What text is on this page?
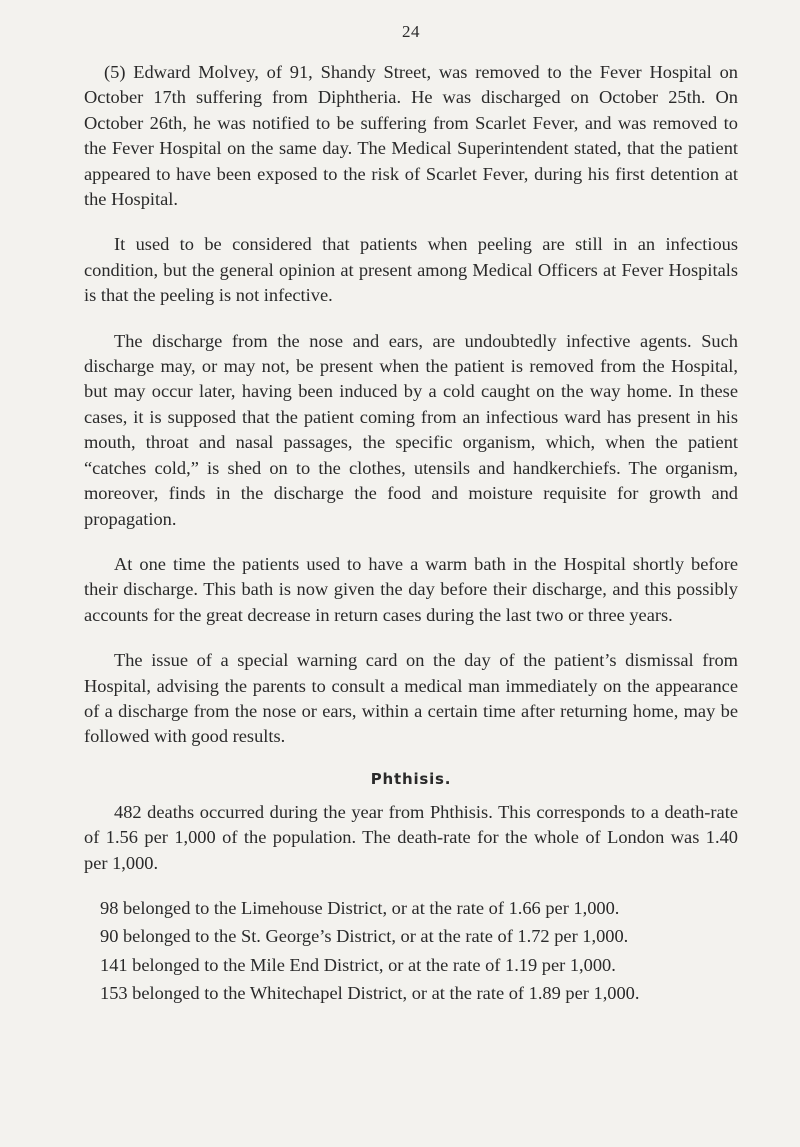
24

(5) Edward Molvey, of 91, Shandy Street, was removed to the Fever Hospital on October 17th suffering from Diphtheria. He was discharged on October 25th. On October 26th, he was notified to be suffering from Scarlet Fever, and was removed to the Fever Hospital on the same day. The Medical Superintendent stated, that the patient appeared to have been exposed to the risk of Scarlet Fever, during his first detention at the Hospital.

It used to be considered that patients when peeling are still in an infectious condition, but the general opinion at present among Medical Officers at Fever Hospitals is that the peeling is not infective.

The discharge from the nose and ears, are undoubtedly infective agents. Such discharge may, or may not, be present when the patient is removed from the Hospital, but may occur later, having been induced by a cold caught on the way home. In these cases, it is supposed that the patient coming from an infectious ward has present in his mouth, throat and nasal passages, the specific organism, which, when the patient “catches cold,” is shed on to the clothes, utensils and handkerchiefs. The organism, moreover, finds in the discharge the food and moisture requisite for growth and propagation.

At one time the patients used to have a warm bath in the Hospital shortly before their discharge. This bath is now given the day before their discharge, and this possibly accounts for the great decrease in return cases during the last two or three years.

The issue of a special warning card on the day of the patient’s dismissal from Hospital, advising the parents to consult a medical man immediately on the appearance of a discharge from the nose or ears, within a certain time after returning home, may be followed with good results.

Phthisis.

482 deaths occurred during the year from Phthisis. This corresponds to a death-rate of 1.56 per 1,000 of the population. The death-rate for the whole of London was 1.40 per 1,000.

98 belonged to the Limehouse District, or at the rate of 1.66 per 1,000.
90 belonged to the St. George’s District, or at the rate of 1.72 per 1,000.
141 belonged to the Mile End District, or at the rate of 1.19 per 1,000.
153 belonged to the Whitechapel District, or at the rate of 1.89 per 1,000.
